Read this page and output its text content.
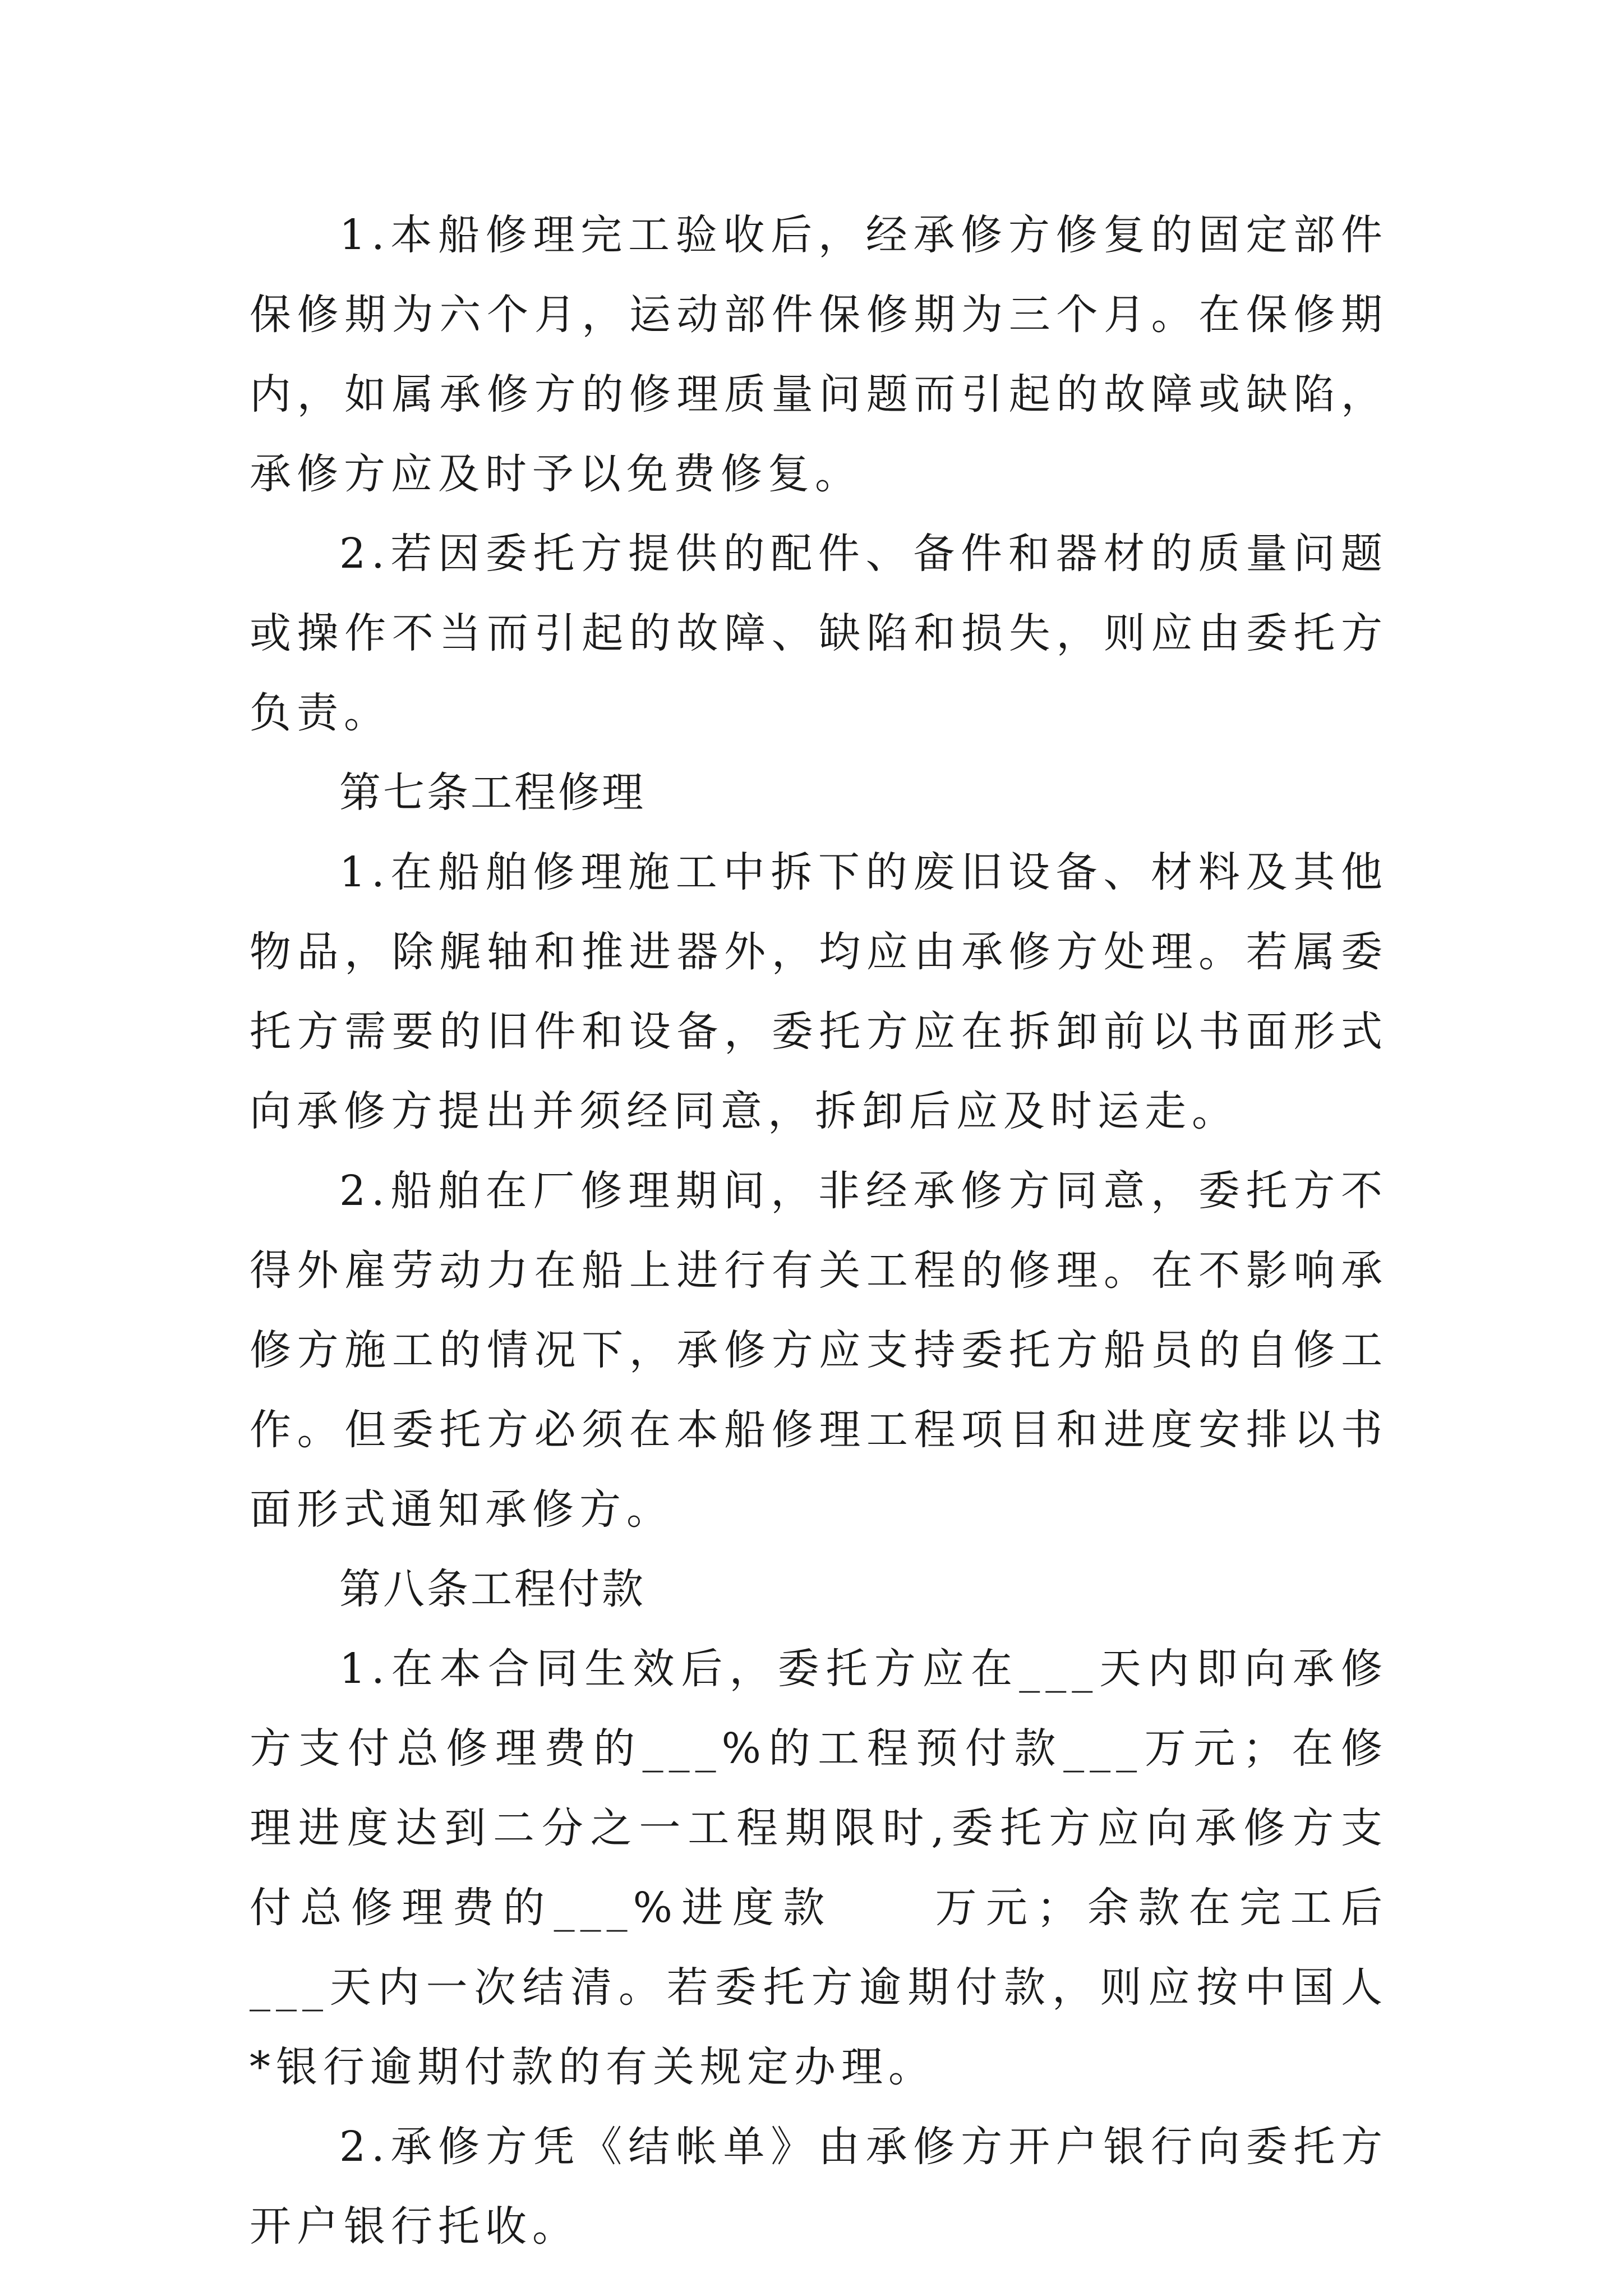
1.本船修理完工验收后，经承修方修复的固定部件保修期为六个月，运动部件保修期为三个月。在保修期内，如属承修方的修理质量问题而引起的故障或缺陷，承修方应及时予以免费修复。

2.若因委托方提供的配件、备件和器材的质量问题或操作不当而引起的故障、缺陷和损失，则应由委托方负责。

第七条工程修理

1.在船舶修理施工中拆下的废旧设备、材料及其他物品，除艉轴和推进器外，均应由承修方处理。若属委托方需要的旧件和设备，委托方应在拆卸前以书面形式向承修方提出并须经同意，拆卸后应及时运走。

2.船舶在厂修理期间，非经承修方同意，委托方不得外雇劳动力在船上进行有关工程的修理。在不影响承修方施工的情况下，承修方应支持委托方船员的自修工作。但委托方必须在本船修理工程项目和进度安排以书面形式通知承修方。

第八条工程付款

1.在本合同生效后，委托方应在___天内即向承修方支付总修理费的___%的工程预付款___万元；在修理进度达到二分之一工程期限时,委托方应向承修方支付总修理费的___%进度款　　万元；余款在完工后___天内一次结清。若委托方逾期付款，则应按中国人*银行逾期付款的有关规定办理。

2.承修方凭《结帐单》由承修方开户银行向委托方开户银行托收。
